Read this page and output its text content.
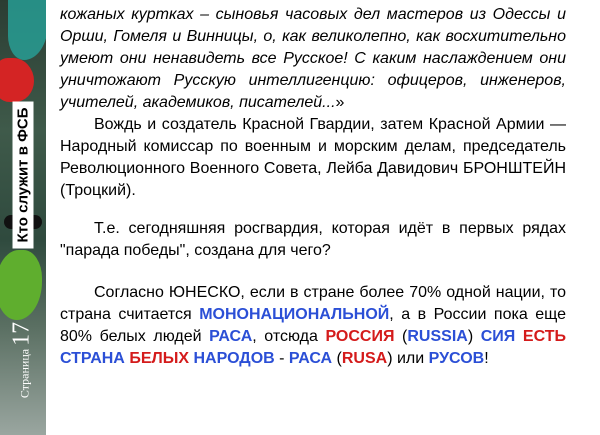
Кто служит в ФСБ
Страница 17

кожаных куртках – сыновья часовых дел мастеров из Одессы и Орши, Гомеля и Винницы, о, как великолепно, как восхитительно умеют они ненавидеть все Русское! С каким наслаждением они уничтожают Русскую интеллигенцию: офицеров, инженеров, учителей, академиков, писателей...»

Вождь и создатель Красной Гвардии, затем Красной Армии — Народный комиссар по военным и морским делам, председатель Революционного Военного Совета, Лейба Давидович БРОНШТЕЙН (Троцкий).

Т.е. сегодняшняя росгвардия, которая идёт в первых рядах "парада победы", создана для чего?

Согласно ЮНЕСКО, если в стране более 70% одной нации, то страна считается МОНОНАЦИОНАЛЬНОЙ, а в России пока еще 80% белых людей РАСА, отсюда РОССИЯ (RUSSIA) СИЯ ЕСТЬ СТРАНА БЕЛЫХ НАРОДОВ - РАСА (RUSA) или РУСОВ!
